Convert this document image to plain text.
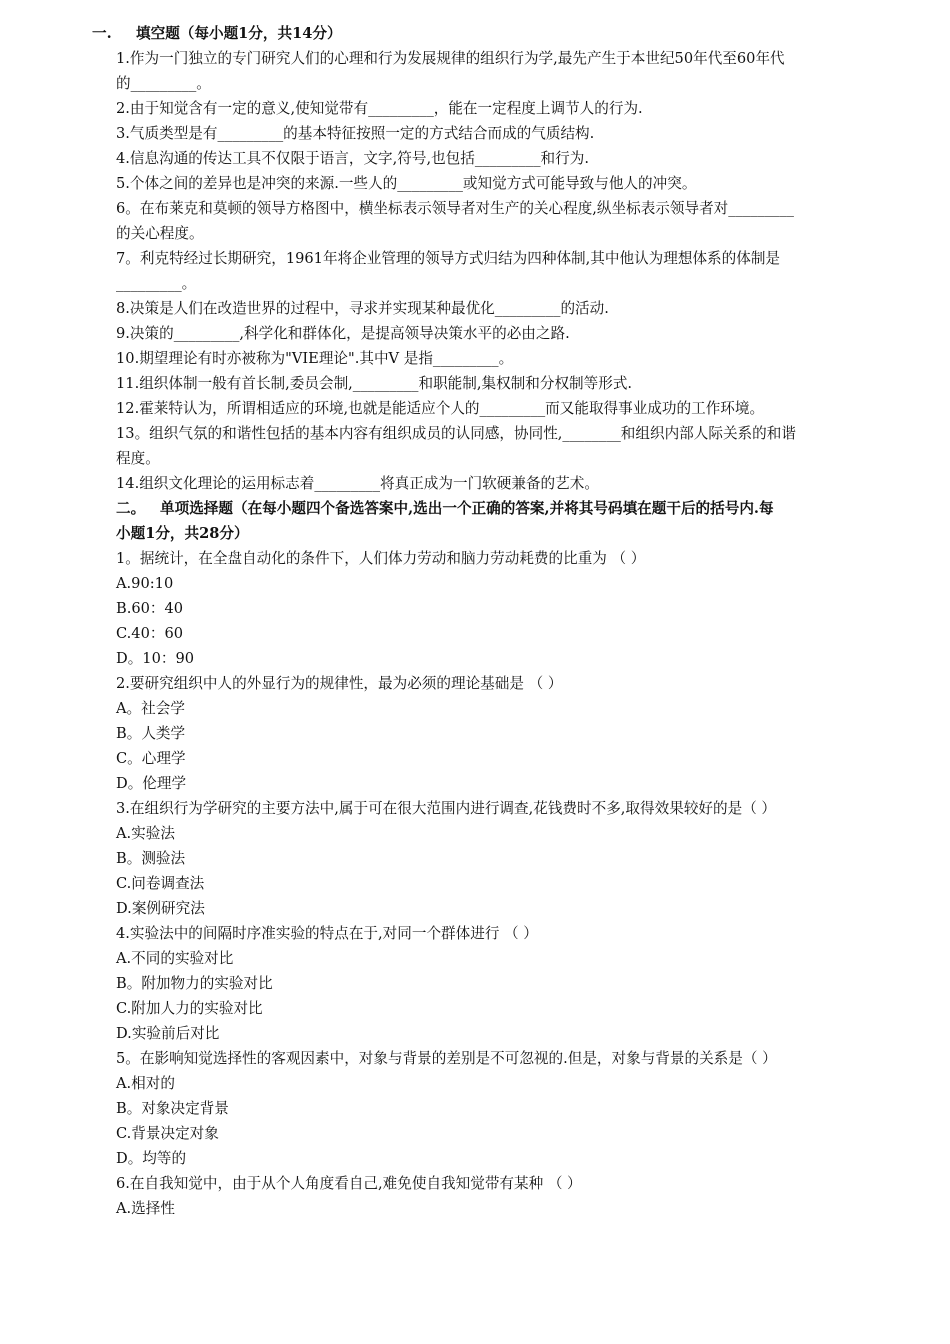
一. 填空题（每小题1分，共14分）
1.作为一门独立的专门研究人们的心理和行为发展规律的组织行为学,最先产生于本世纪50年代至60年代
的_________。
2.由于知觉含有一定的意义,使知觉带有_________，能在一定程度上调节人的行为.
3.气质类型是有_________的基本特征按照一定的方式结合而成的气质结构.
4.信息沟通的传达工具不仅限于语言，文字,符号,也包括_________和行为.
5.个体之间的差异也是冲突的来源.一些人的_________或知觉方式可能导致与他人的冲突。
6。在布莱克和莫顿的领导方格图中，横坐标表示领导者对生产的关心程度,纵坐标表示领导者对_________
的关心程度。
7。利克特经过长期研究，1961年将企业管理的领导方式归结为四种体制,其中他认为理想体系的体制是
_________。
8.决策是人们在改造世界的过程中，寻求并实现某种最优化_________的活动.
9.决策的_________,科学化和群体化，是提高领导决策水平的必由之路.
10.期望理论有时亦被称为"VIE理论".其中V 是指_________。
11.组织体制一般有首长制,委员会制,_________和职能制,集权制和分权制等形式.
12.霍莱特认为，所谓相适应的环境,也就是能适应个人的_________而又能取得事业成功的工作环境。
13。组织气氛的和谐性包括的基本内容有组织成员的认同感，协同性,________和组织内部人际关系的和谐
程度。
14.组织文化理论的运用标志着_________将真正成为一门软硬兼备的艺术。
二。 单项选择题（在每小题四个备选答案中,选出一个正确的答案,并将其号码填在题干后的括号内.每
小题1分，共28分）
1。据统计，在全盘自动化的条件下，人们体力劳动和脑力劳动耗费的比重为 （ ）
A.90:10
B.60：40
C.40：60
D。10：90
2.要研究组织中人的外显行为的规律性，最为必须的理论基础是 （ ）
A。社会学
B。人类学
C。心理学
D。伦理学
3.在组织行为学研究的主要方法中,属于可在很大范围内进行调查,花钱费时不多,取得效果较好的是（ ）
A.实验法
B。测验法
C.问卷调查法
D.案例研究法
4.实验法中的间隔时序准实验的特点在于,对同一个群体进行 （ ）
A.不同的实验对比
B。附加物力的实验对比
C.附加人力的实验对比
D.实验前后对比
5。在影响知觉选择性的客观因素中，对象与背景的差别是不可忽视的.但是，对象与背景的关系是（ ）
A.相对的
B。对象决定背景
C.背景决定对象
D。均等的
6.在自我知觉中，由于从个人角度看自己,难免使自我知觉带有某种 （ ）
A.选择性
